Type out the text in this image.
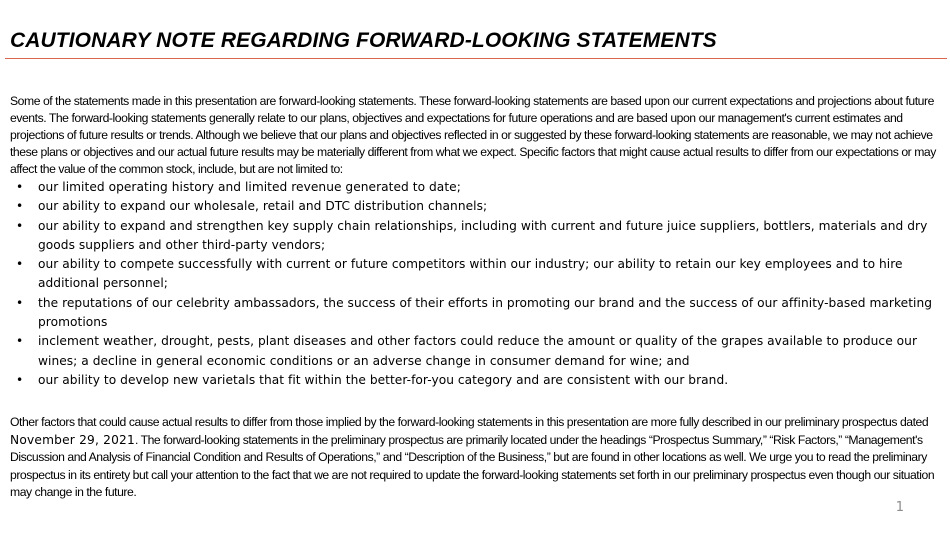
CAUTIONARY NOTE REGARDING FORWARD-LOOKING STATEMENTS

Some of the statements made in this presentation are forward-looking statements. These forward-looking statements are based upon our current expectations and projections about future events. The forward-looking statements generally relate to our plans, objectives and expectations for future operations and are based upon our management's current estimates and projections of future results or trends. Although we believe that our plans and objectives reflected in or suggested by these forward-looking statements are reasonable, we may not achieve these plans or objectives and our actual future results may be materially different from what we expect. Specific factors that might cause actual results to differ from our expectations or may affect the value of the common stock, include, but are not limited to:

• our limited operating history and limited revenue generated to date;
• our ability to expand our wholesale, retail and DTC distribution channels;
• our ability to expand and strengthen key supply chain relationships, including with current and future juice suppliers, bottlers, materials and dry goods suppliers and other third-party vendors;
• our ability to compete successfully with current or future competitors within our industry; our ability to retain our key employees and to hire additional personnel;
• the reputations of our celebrity ambassadors, the success of their efforts in promoting our brand and the success of our affinity-based marketing promotions
• inclement weather, drought, pests, plant diseases and other factors could reduce the amount or quality of the grapes available to produce our wines; a decline in general economic conditions or an adverse change in consumer demand for wine; and
• our ability to develop new varietals that fit within the better-for-you category and are consistent with our brand.

Other factors that could cause actual results to differ from those implied by the forward-looking statements in this presentation are more fully described in our preliminary prospectus dated November 29, 2021. The forward-looking statements in the preliminary prospectus are primarily located under the headings “Prospectus Summary,” “Risk Factors,” “Management's Discussion and Analysis of Financial Condition and Results of Operations,” and “Description of the Business,” but are found in other locations as well. We urge you to read the preliminary prospectus in its entirety but call your attention to the fact that we are not required to update the forward-looking statements set forth in our preliminary prospectus even though our situation may change in the future.

1
